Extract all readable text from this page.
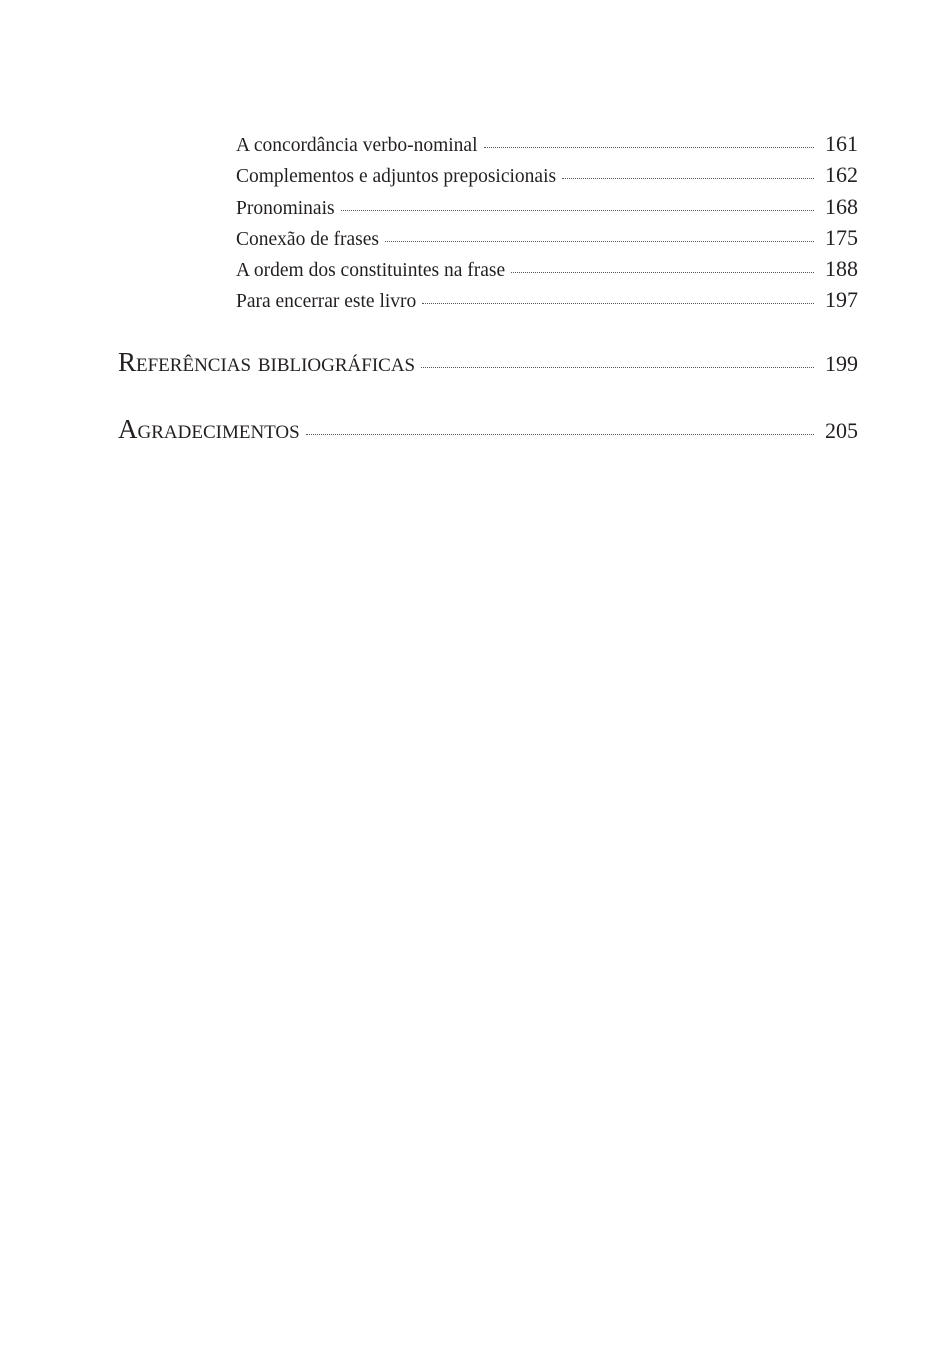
A concordância verbo-nominal	161
Complementos e adjuntos preposicionais	162
Pronominais	168
Conexão de frases	175
A ordem dos constituintes na frase	188
Para encerrar este livro	197
Referências bibliográficas	199
Agradecimentos	205
